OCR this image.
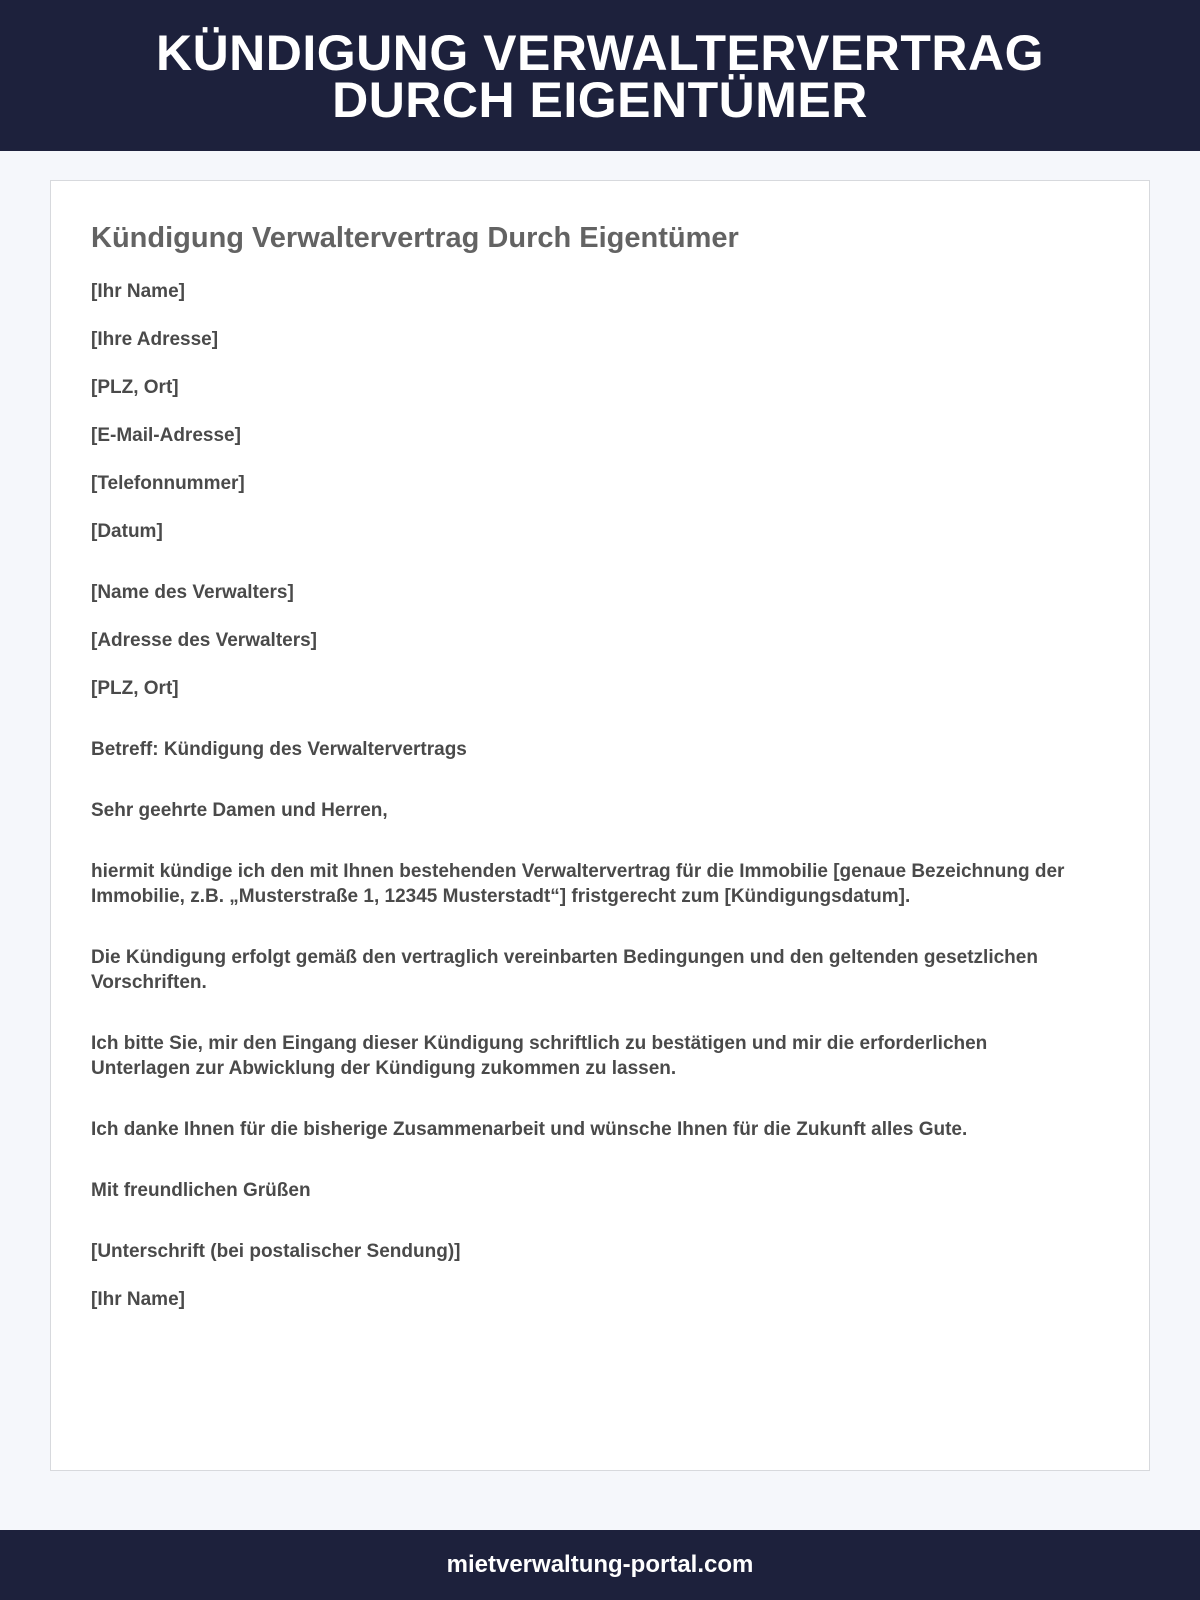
KÜNDIGUNG VERWALTERVERTRAG
DURCH EIGENTÜMER
Kündigung Verwaltervertrag Durch Eigentümer

[Ihr Name]

[Ihre Adresse]

[PLZ, Ort]

[E-Mail-Adresse]

[Telefonnummer]

[Datum]

[Name des Verwalters]

[Adresse des Verwalters]

[PLZ, Ort]

Betreff: Kündigung des Verwaltervertrags

Sehr geehrte Damen und Herren,

hiermit kündige ich den mit Ihnen bestehenden Verwaltervertrag für die Immobilie [genaue Bezeichnung der Immobilie, z.B. „Musterstraße 1, 12345 Musterstadt“] fristgerecht zum [Kündigungsdatum].

Die Kündigung erfolgt gemäß den vertraglich vereinbarten Bedingungen und den geltenden gesetzlichen Vorschriften.

Ich bitte Sie, mir den Eingang dieser Kündigung schriftlich zu bestätigen und mir die erforderlichen Unterlagen zur Abwicklung der Kündigung zukommen zu lassen.

Ich danke Ihnen für die bisherige Zusammenarbeit und wünsche Ihnen für die Zukunft alles Gute.

Mit freundlichen Grüßen

[Unterschrift (bei postalischer Sendung)]

[Ihr Name]

mietverwaltung-portal.com
